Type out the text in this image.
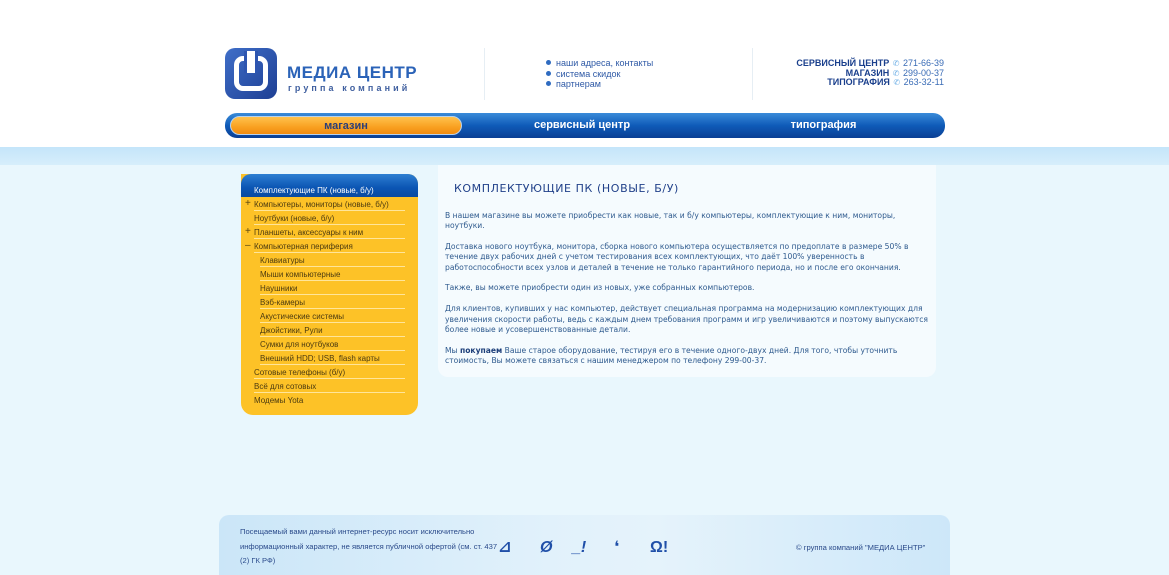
МЕДИА ЦЕНТР
группа компаний
наши адреса, контакты
система скидок
партнерам
СЕРВИСНЫЙ ЦЕНТР ✆ 271-66-39
МАГАЗИН ✆ 299-00-37
ТИПОГРАФИЯ ✆ 263-32-11
магазин	сервисный центр	типография
Комплектующие ПК (новые, б/у)
+ Компьютеры, мониторы (новые, б/у)
Ноутбуки (новые, б/у)
+ Планшеты, аксессуары к ним
– Компьютерная периферия
Клавиатуры
Мыши компьютерные
Наушники
Вэб-камеры
Акустические системы
Джойстики, Рули
Сумки для ноутбуков
Внешний HDD; USB, flash карты
Сотовые телефоны (б/у)
Всё для сотовых
Модемы Yota
КОМПЛЕКТУЮЩИЕ ПК (НОВЫЕ, Б/У)

В нашем магазине вы можете приобрести как новые, так и б/у компьютеры, комплектующие к ним, мониторы, ноутбуки.

Доставка нового ноутбука, монитора, сборка нового компьютера осуществляется по предоплате в размере 50% в течение двух рабочих дней с учетом тестирования всех комплектующих, что даёт 100% уверенность в работоспособности всех узлов и деталей в течение не только гарантийного периода, но и после его окончания.

Также, вы можете приобрести один из новых, уже собранных компьютеров.

Для клиентов, купивших у нас компьютер, действует специальная программа на модернизацию комплектующих для увеличения скорости работы, ведь с каждым днем требования программ и игр увеличиваются и поэтому выпускаются более новые и усовершенствованные детали.

Мы покупаем Ваше старое оборудование, тестируя его в течение одного-двух дней. Для того, чтобы уточнить стоимость, Вы можете связаться с нашим менеджером по телефону 299-00-37.

Посещаемый вами данный интернет-ресурс носит исключительно информационный характер, не является публичной офертой (см. ст. 437 (2) ГК РФ)
⊿ Ø _! ❛ Ω!	© группа компаний "МЕДИА ЦЕНТР"
